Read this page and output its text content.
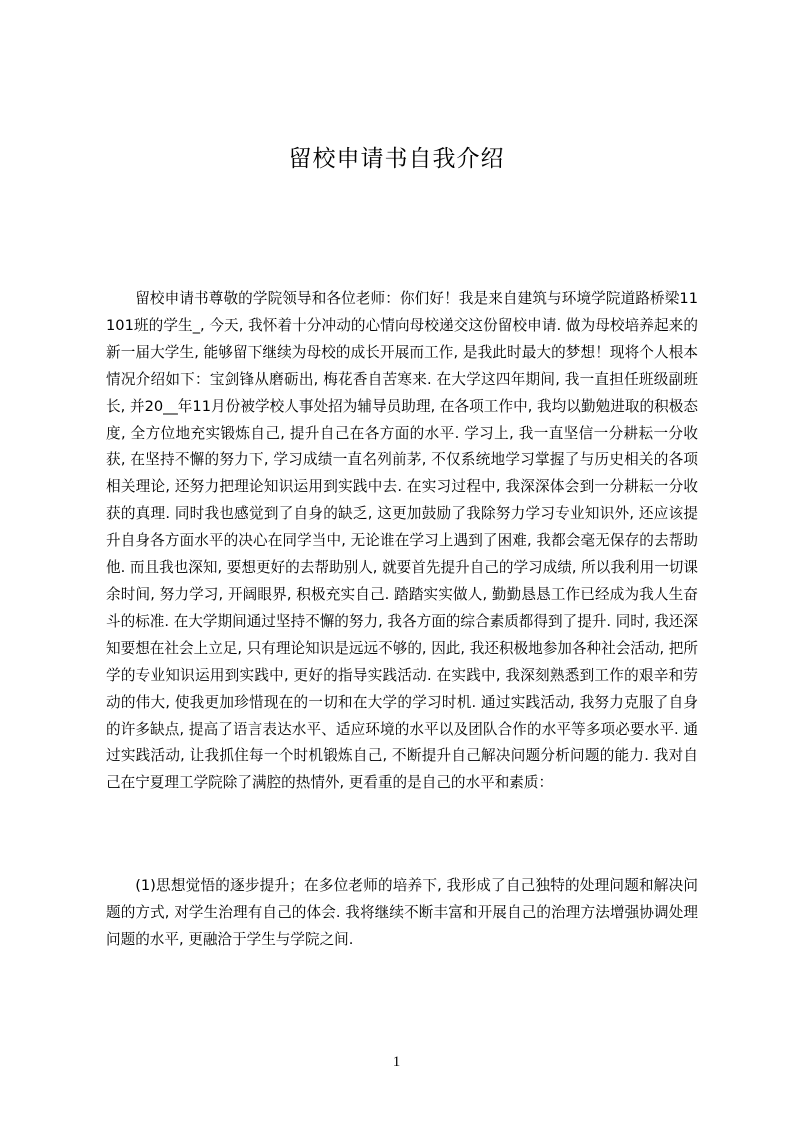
留校申请书自我介绍

留校申请书尊敬的学院领导和各位老师：你们好！我是来自建筑与环境学院道路桥梁11101班的学生_, 今天, 我怀着十分冲动的心情向母校递交这份留校申请. 做为母校培养起来的新一届大学生, 能够留下继续为母校的成长开展而工作, 是我此时最大的梦想！现将个人根本情况介绍如下：宝剑锋从磨砺出, 梅花香自苦寒来. 在大学这四年期间, 我一直担任班级副班长, 并20__年11月份被学校人事处招为辅导员助理, 在各项工作中, 我均以勤勉进取的积极态度, 全方位地充实锻炼自己, 提升自己在各方面的水平. 学习上, 我一直坚信一分耕耘一分收获, 在坚持不懈的努力下, 学习成绩一直名列前茅, 不仅系统地学习掌握了与历史相关的各项相关理论, 还努力把理论知识运用到实践中去. 在实习过程中, 我深深体会到一分耕耘一分收获的真理. 同时我也感觉到了自身的缺乏, 这更加鼓励了我除努力学习专业知识外, 还应该提升自身各方面水平的决心在同学当中, 无论谁在学习上遇到了困难, 我都会毫无保存的去帮助他. 而且我也深知, 要想更好的去帮助别人, 就要首先提升自己的学习成绩, 所以我利用一切课余时间, 努力学习, 开阔眼界, 积极充实自己. 踏踏实实做人, 勤勤恳恳工作已经成为我人生奋斗的标准. 在大学期间通过坚持不懈的努力, 我各方面的综合素质都得到了提升. 同时, 我还深知要想在社会上立足, 只有理论知识是远远不够的, 因此, 我还积极地参加各种社会活动, 把所学的专业知识运用到实践中, 更好的指导实践活动. 在实践中, 我深刻熟悉到工作的艰辛和劳动的伟大, 使我更加珍惜现在的一切和在大学的学习时机. 通过实践活动, 我努力克服了自身的许多缺点, 提高了语言表达水平、适应环境的水平以及团队合作的水平等多项必要水平. 通过实践活动, 让我抓住每一个时机锻炼自己, 不断提升自己解决问题分析问题的能力. 我对自己在宁夏理工学院除了满腔的热情外, 更看重的是自己的水平和素质：

(1)思想觉悟的逐步提升；在多位老师的培养下, 我形成了自己独特的处理问题和解决问题的方式, 对学生治理有自己的体会. 我将继续不断丰富和开展自己的治理方法增强协调处理问题的水平, 更融洽于学生与学院之间.

1
